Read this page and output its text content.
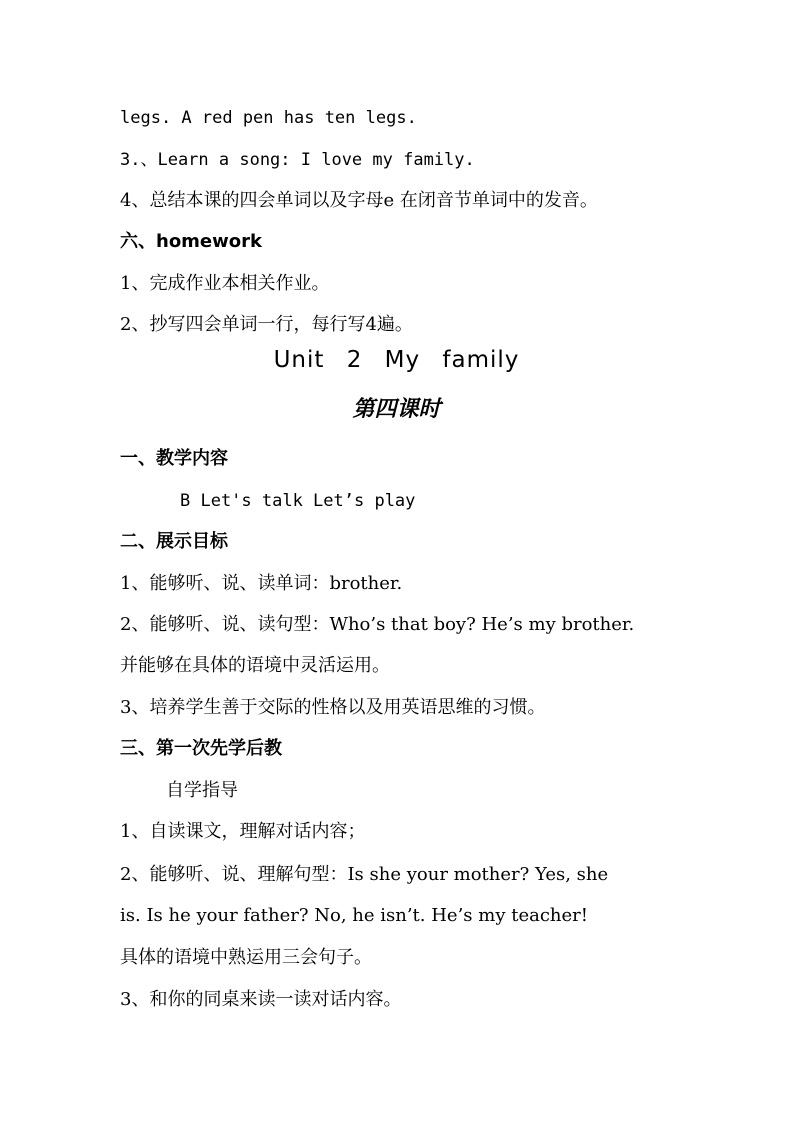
legs. A red pen has ten legs.
3.、Learn a song: I love my family.
4、总结本课的四会单词以及字母e 在闭音节单词中的发音。
六、homework
1、完成作业本相关作业。
2、抄写四会单词一行，每行写4遍。
Unit 2 My family
第四课时
一、教学内容
B Let's talk Let’s play
二、展示目标
1、能够听、说、读单词：brother.
2、能够听、说、读句型：Who’s that boy? He’s my brother.
并能够在具体的语境中灵活运用。
3、培养学生善于交际的性格以及用英语思维的习惯。
三、第一次先学后教
自学指导
1、自读课文，理解对话内容；
2、能够听、说、理解句型：Is she your mother? Yes, she
is. Is he your father? No, he isn’t. He’s my teacher!
具体的语境中熟运用三会句子。
3、和你的同桌来读一读对话内容。
